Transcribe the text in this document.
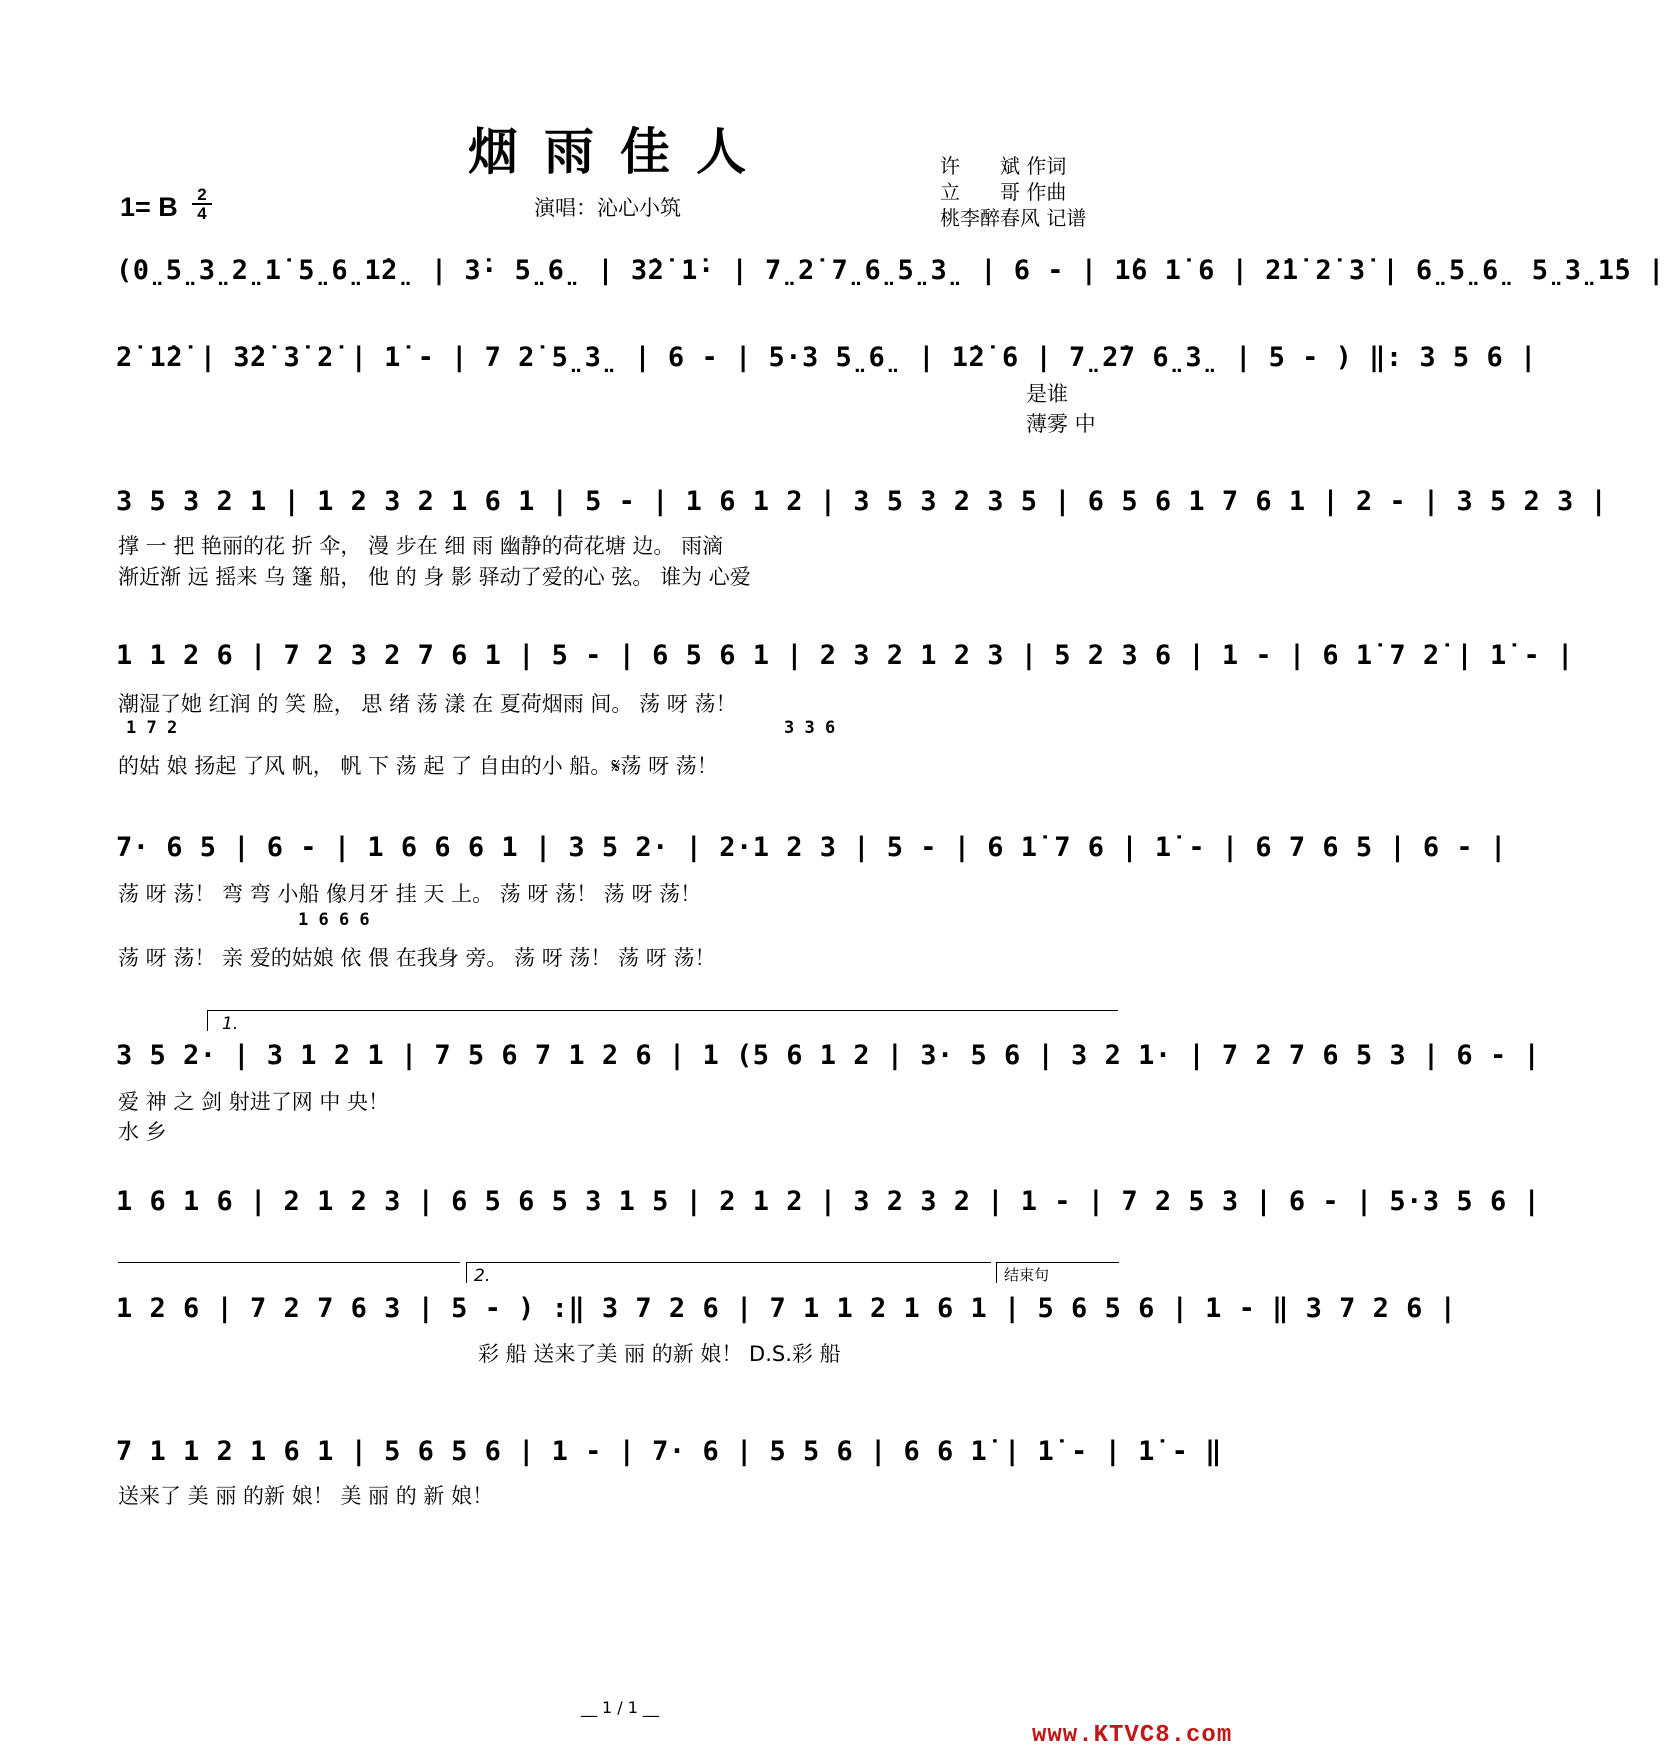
烟雨佳人
1= B	2
4	演唱：沁心小筑
许　　斌 作词
立　　哥 作曲
桃李醉春风 记谱
(0̤5̤3̤2̤1̇ 5̤6̤1̇2̤ | 3̇· 5̤6̤ | 3̇2̇ 1̇· | 7̤2̇ 7̤6̤5̤3̤ | 6 - | 1̇6 1̇ 6 | 2̇1̇ 2̇ 3̇ | 6̤5̤6̤ 5̤3̤1̇5 |
2̇ 1̇2̇ | 3̇2̇ 3̇ 2̇ | 1̇ - | 7 2̇ 5̤3̤ | 6 - | 5·3 5̤6̤ | 1̇2̇ 6 | 7̤2̇7 6̤3̤ | 5 - ) ‖: 3 5 6 |
是谁
薄雾 中
3 5 3 2 1 | 1 2 3 2 1 6 1 | 5 - | 1 6 1 2 | 3 5 3 2 3 5 | 6 5 6 1 7 6 1 | 2 - | 3 5 2 3 |
撑 一 把 艳丽的花 折 伞， 漫 步在 细 雨 幽静的荷花塘 边。 雨滴
渐近渐 远 摇来 乌 篷 船， 他 的 身 影 驿动了爱的心 弦。 谁为 心爱
1 1 2 6 | 7 2 3 2 7 6 1 | 5 - | 6 5 6 1 | 2 3 2 1 2 3 | 5 2 3 6 | 1 - | 6 1̇ 7 2̇ | 1̇ - |
潮湿了她 红润 的 笑 脸， 思 绪 荡 漾 在 夏荷烟雨 间。 荡 呀 荡！
1 7 2	3 3 6
的姑 娘 扬起 了风 帆， 帆 下 荡 起 了 自由的小 船。𝄋荡 呀 荡！
7· 6 5 | 6 - | 1 6 6 6 1 | 3 5 2· | 2·1 2 3 | 5 - | 6 1̇ 7 6 | 1̇ - | 6 7 6 5 | 6 - |
荡 呀 荡！ 弯 弯 小船 像月牙 挂 天 上。 荡 呀 荡！ 荡 呀 荡！
1 6 6 6
荡 呀 荡！ 亲 爱的姑娘 依 偎 在我身 旁。 荡 呀 荡！ 荡 呀 荡！
1.
3 5 2· | 3 1 2 1 | 7 5 6 7 1 2 6 | 1 (5 6 1 2 | 3· 5 6 | 3 2 1· | 7 2 7 6 5 3 | 6 - |
爱 神 之 剑 射进了网 中 央！
水 乡
1 6 1 6 | 2 1 2 3 | 6 5 6 5 3 1 5 | 2 1 2 | 3 2 3 2 | 1 - | 7 2 5 3 | 6 - | 5·3 5 6 |
2.	结束句
1 2 6 | 7 2 7 6 3 | 5 - ) :‖ 3 7 2 6 | 7 1 1 2 1 6 1 | 5 6 5 6 | 1 - ‖ 3 7 2 6 |
彩 船 送来了美 丽 的新 娘！ D.S.彩 船
7 1 1 2 1 6 1 | 5 6 5 6 | 1 - | 7· 6 | 5 5 6 | 6 6 1̇ | 1̇ - | 1̇ - ‖
送来了 美 丽 的新 娘！ 美 丽 的 新 娘！
__ 1 / 1 __
www.KTVC8.com
